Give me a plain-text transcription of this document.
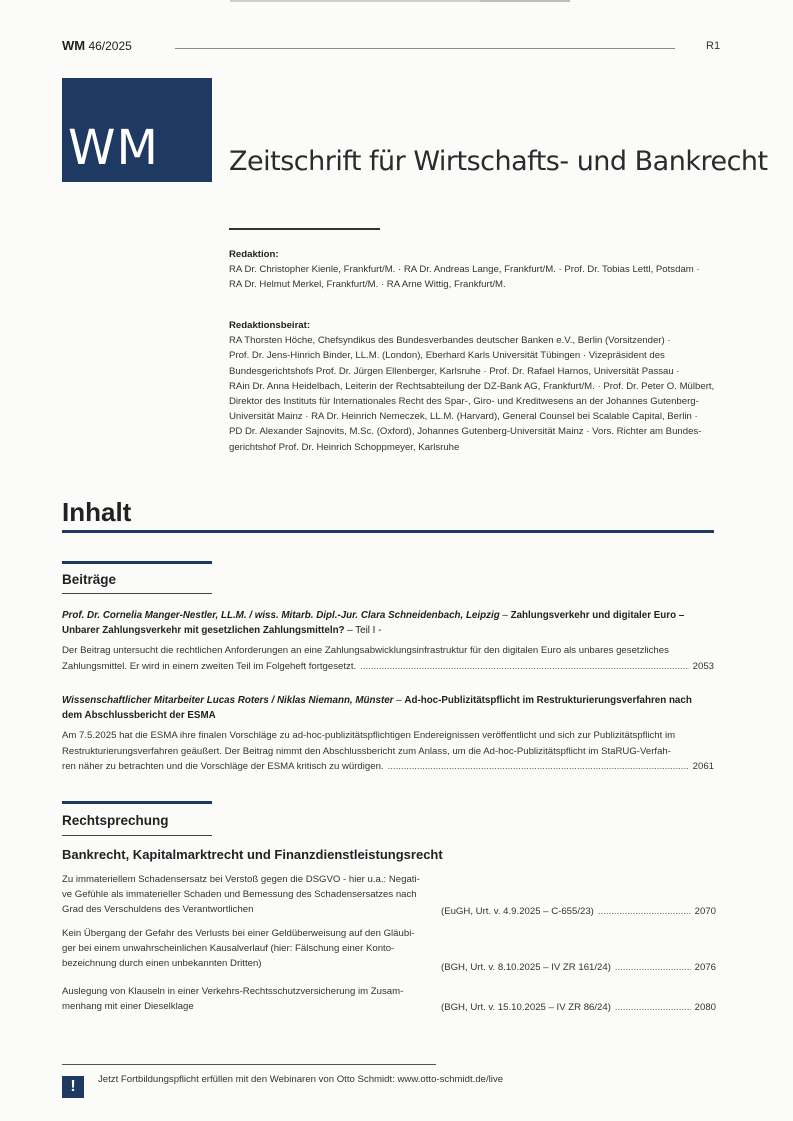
WM 46/2025	R1
WM	Zeitschrift für Wirtschafts- und Bankrecht
Redaktion:
RA Dr. Christopher Kienle, Frankfurt/M. · RA Dr. Andreas Lange, Frankfurt/M. · Prof. Dr. Tobias Lettl, Potsdam ·
RA Dr. Helmut Merkel, Frankfurt/M. · RA Arne Wittig, Frankfurt/M.
Redaktionsbeirat:
RA Thorsten Höche, Chefsyndikus des Bundesverbandes deutscher Banken e.V., Berlin (Vorsitzender) ·
Prof. Dr. Jens-Hinrich Binder, LL.M. (London), Eberhard Karls Universität Tübingen · Vizepräsident des
Bundesgerichtshofs Prof. Dr. Jürgen Ellenberger, Karlsruhe · Prof. Dr. Rafael Harnos, Universität Passau ·
RAin Dr. Anna Heidelbach, Leiterin der Rechtsabteilung der DZ-Bank AG, Frankfurt/M. · Prof. Dr. Peter O. Mülbert,
Direktor des Instituts für Internationales Recht des Spar-, Giro- und Kreditwesens an der Johannes Gutenberg-
Universität Mainz · RA Dr. Heinrich Nemeczek, LL.M. (Harvard), General Counsel bei Scalable Capital, Berlin ·
PD Dr. Alexander Sajnovits, M.Sc. (Oxford), Johannes Gutenberg-Universität Mainz · Vors. Richter am Bundes-
gerichtshof Prof. Dr. Heinrich Schoppmeyer, Karlsruhe
Inhalt
Beiträge
Prof. Dr. Cornelia Manger-Nestler, LL.M. / wiss. Mitarb. Dipl.-Jur. Clara Schneidenbach, Leipzig – Zahlungsverkehr und digitaler Euro –
Unbarer Zahlungsverkehr mit gesetzlichen Zahlungsmitteln? – Teil I -
Der Beitrag untersucht die rechtlichen Anforderungen an eine Zahlungsabwicklungsinfrastruktur für den digitalen Euro als unbares gesetzliches
Zahlungsmittel. Er wird in einem zweiten Teil im Folgeheft fortgesetzt. .....	2053
Wissenschaftlicher Mitarbeiter Lucas Roters / Niklas Niemann, Münster – Ad-hoc-Publizitätspflicht im Restrukturierungsverfahren nach
dem Abschlussbericht der ESMA
Am 7.5.2025 hat die ESMA ihre finalen Vorschläge zu ad-hoc-publizitätspflichtigen Endereignissen veröffentlicht und sich zur Publizitätspflicht im
Restrukturierungsverfahren geäußert. Der Beitrag nimmt den Abschlussbericht zum Anlass, um die Ad-hoc-Publizitätspflicht im StaRUG-Verfah-
ren näher zu betrachten und die Vorschläge der ESMA kritisch zu würdigen. .....	2061
Rechtsprechung
Bankrecht, Kapitalmarktrecht und Finanzdienstleistungsrecht
Zu immateriellem Schadensersatz bei Verstoß gegen die DSGVO - hier u.a.: Negati-
ve Gefühle als immaterieller Schaden und Bemessung des Schadensersatzes nach
Grad des Verschuldens des Verantwortlichen	(EuGH, Urt. v. 4.9.2025 – C-655/23) .....	2070
Kein Übergang der Gefahr des Verlusts bei einer Geldüberweisung auf den Gläubi-
ger bei einem unwahrscheinlichen Kausalverlauf (hier: Fälschung einer Konto-
bezeichnung durch einen unbekannten Dritten)	(BGH, Urt. v. 8.10.2025 – IV ZR 161/24) .....	2076
Auslegung von Klauseln in einer Verkehrs-Rechtsschutzversicherung im Zusam-
menhang mit einer Dieselklage	(BGH, Urt. v. 15.10.2025 – IV ZR 86/24) .....	2080
!	Jetzt Fortbildungspflicht erfüllen mit den Webinaren von Otto Schmidt: www.otto-schmidt.de/live
